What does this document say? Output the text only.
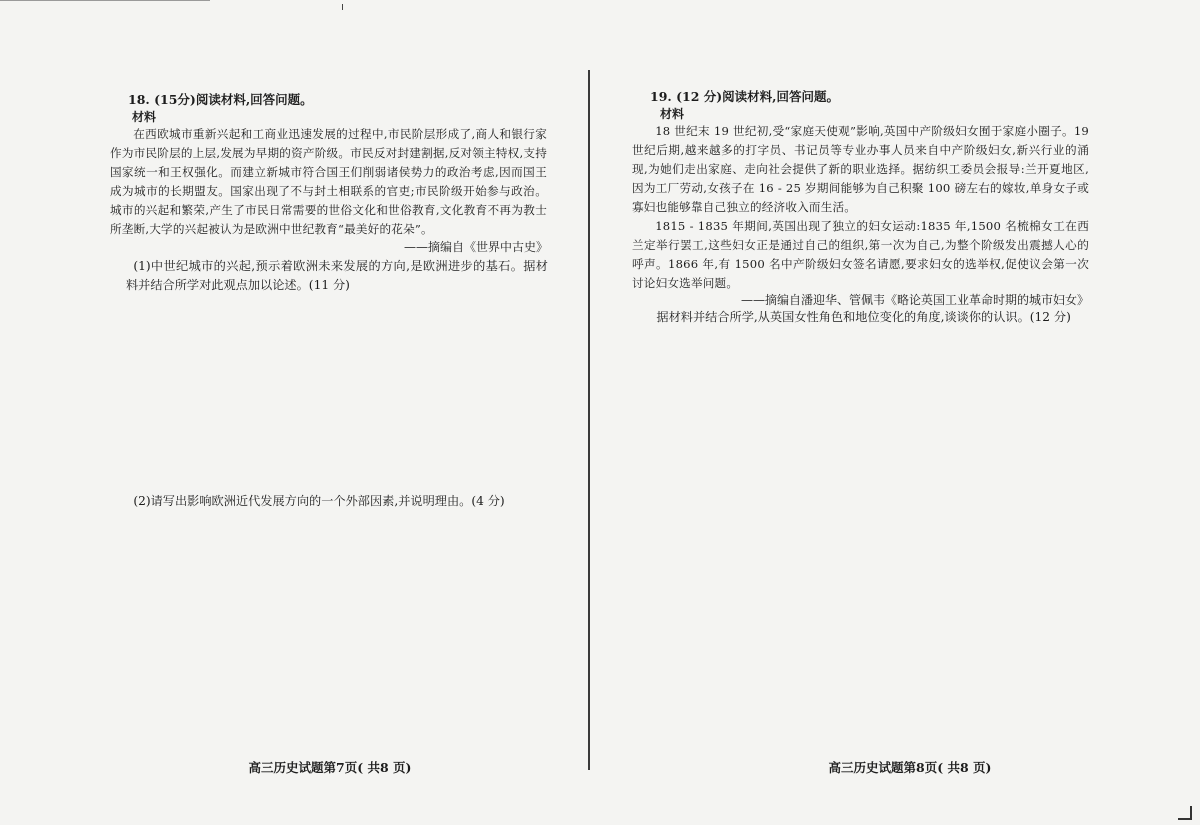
18. (15分)阅读材料,回答问题。
材料
在西欧城市重新兴起和工商业迅速发展的过程中,市民阶层形成了,商人和银行家作为市民阶层的上层,发展为早期的资产阶级。市民反对封建割据,反对领主特权,支持国家统一和王权强化。而建立新城市符合国王们削弱诸侯势力的政治考虑,因而国王成为城市的长期盟友。国家出现了不与封土相联系的官吏;市民阶级开始参与政治。城市的兴起和繁荣,产生了市民日常需要的世俗文化和世俗教育,文化教育不再为教士所垄断,大学的兴起被认为是欧洲中世纪教育“最美好的花朵”。
——摘编自《世界中古史》
(1)中世纪城市的兴起,预示着欧洲未来发展的方向,是欧洲进步的基石。据材料并结合所学对此观点加以论述。(11 分)
(2)请写出影响欧洲近代发展方向的一个外部因素,并说明理由。(4 分)
高三历史试题第7页( 共8 页)
19. (12 分)阅读材料,回答问题。
材料
18 世纪末 19 世纪初,受“家庭天使观”影响,英国中产阶级妇女囿于家庭小圈子。19 世纪后期,越来越多的打字员、书记员等专业办事人员来自中产阶级妇女,新兴行业的涌现,为她们走出家庭、走向社会提供了新的职业选择。据纺织工委员会报导:兰开夏地区,因为工厂劳动,女孩子在 16 - 25 岁期间能够为自己积聚 100 磅左右的嫁妆,单身女子或寡妇也能够靠自己独立的经济收入而生活。
1815 - 1835 年期间,英国出现了独立的妇女运动:1835 年,1500 名梳棉女工在西兰定举行罢工,这些妇女正是通过自己的组织,第一次为自己,为整个阶级发出震撼人心的呼声。1866 年,有 1500 名中产阶级妇女签名请愿,要求妇女的选举权,促使议会第一次讨论妇女选举问题。
——摘编自潘迎华、管佩韦《略论英国工业革命时期的城市妇女》
据材料并结合所学,从英国女性角色和地位变化的角度,谈谈你的认识。(12 分)
高三历史试题第8页( 共8 页)
